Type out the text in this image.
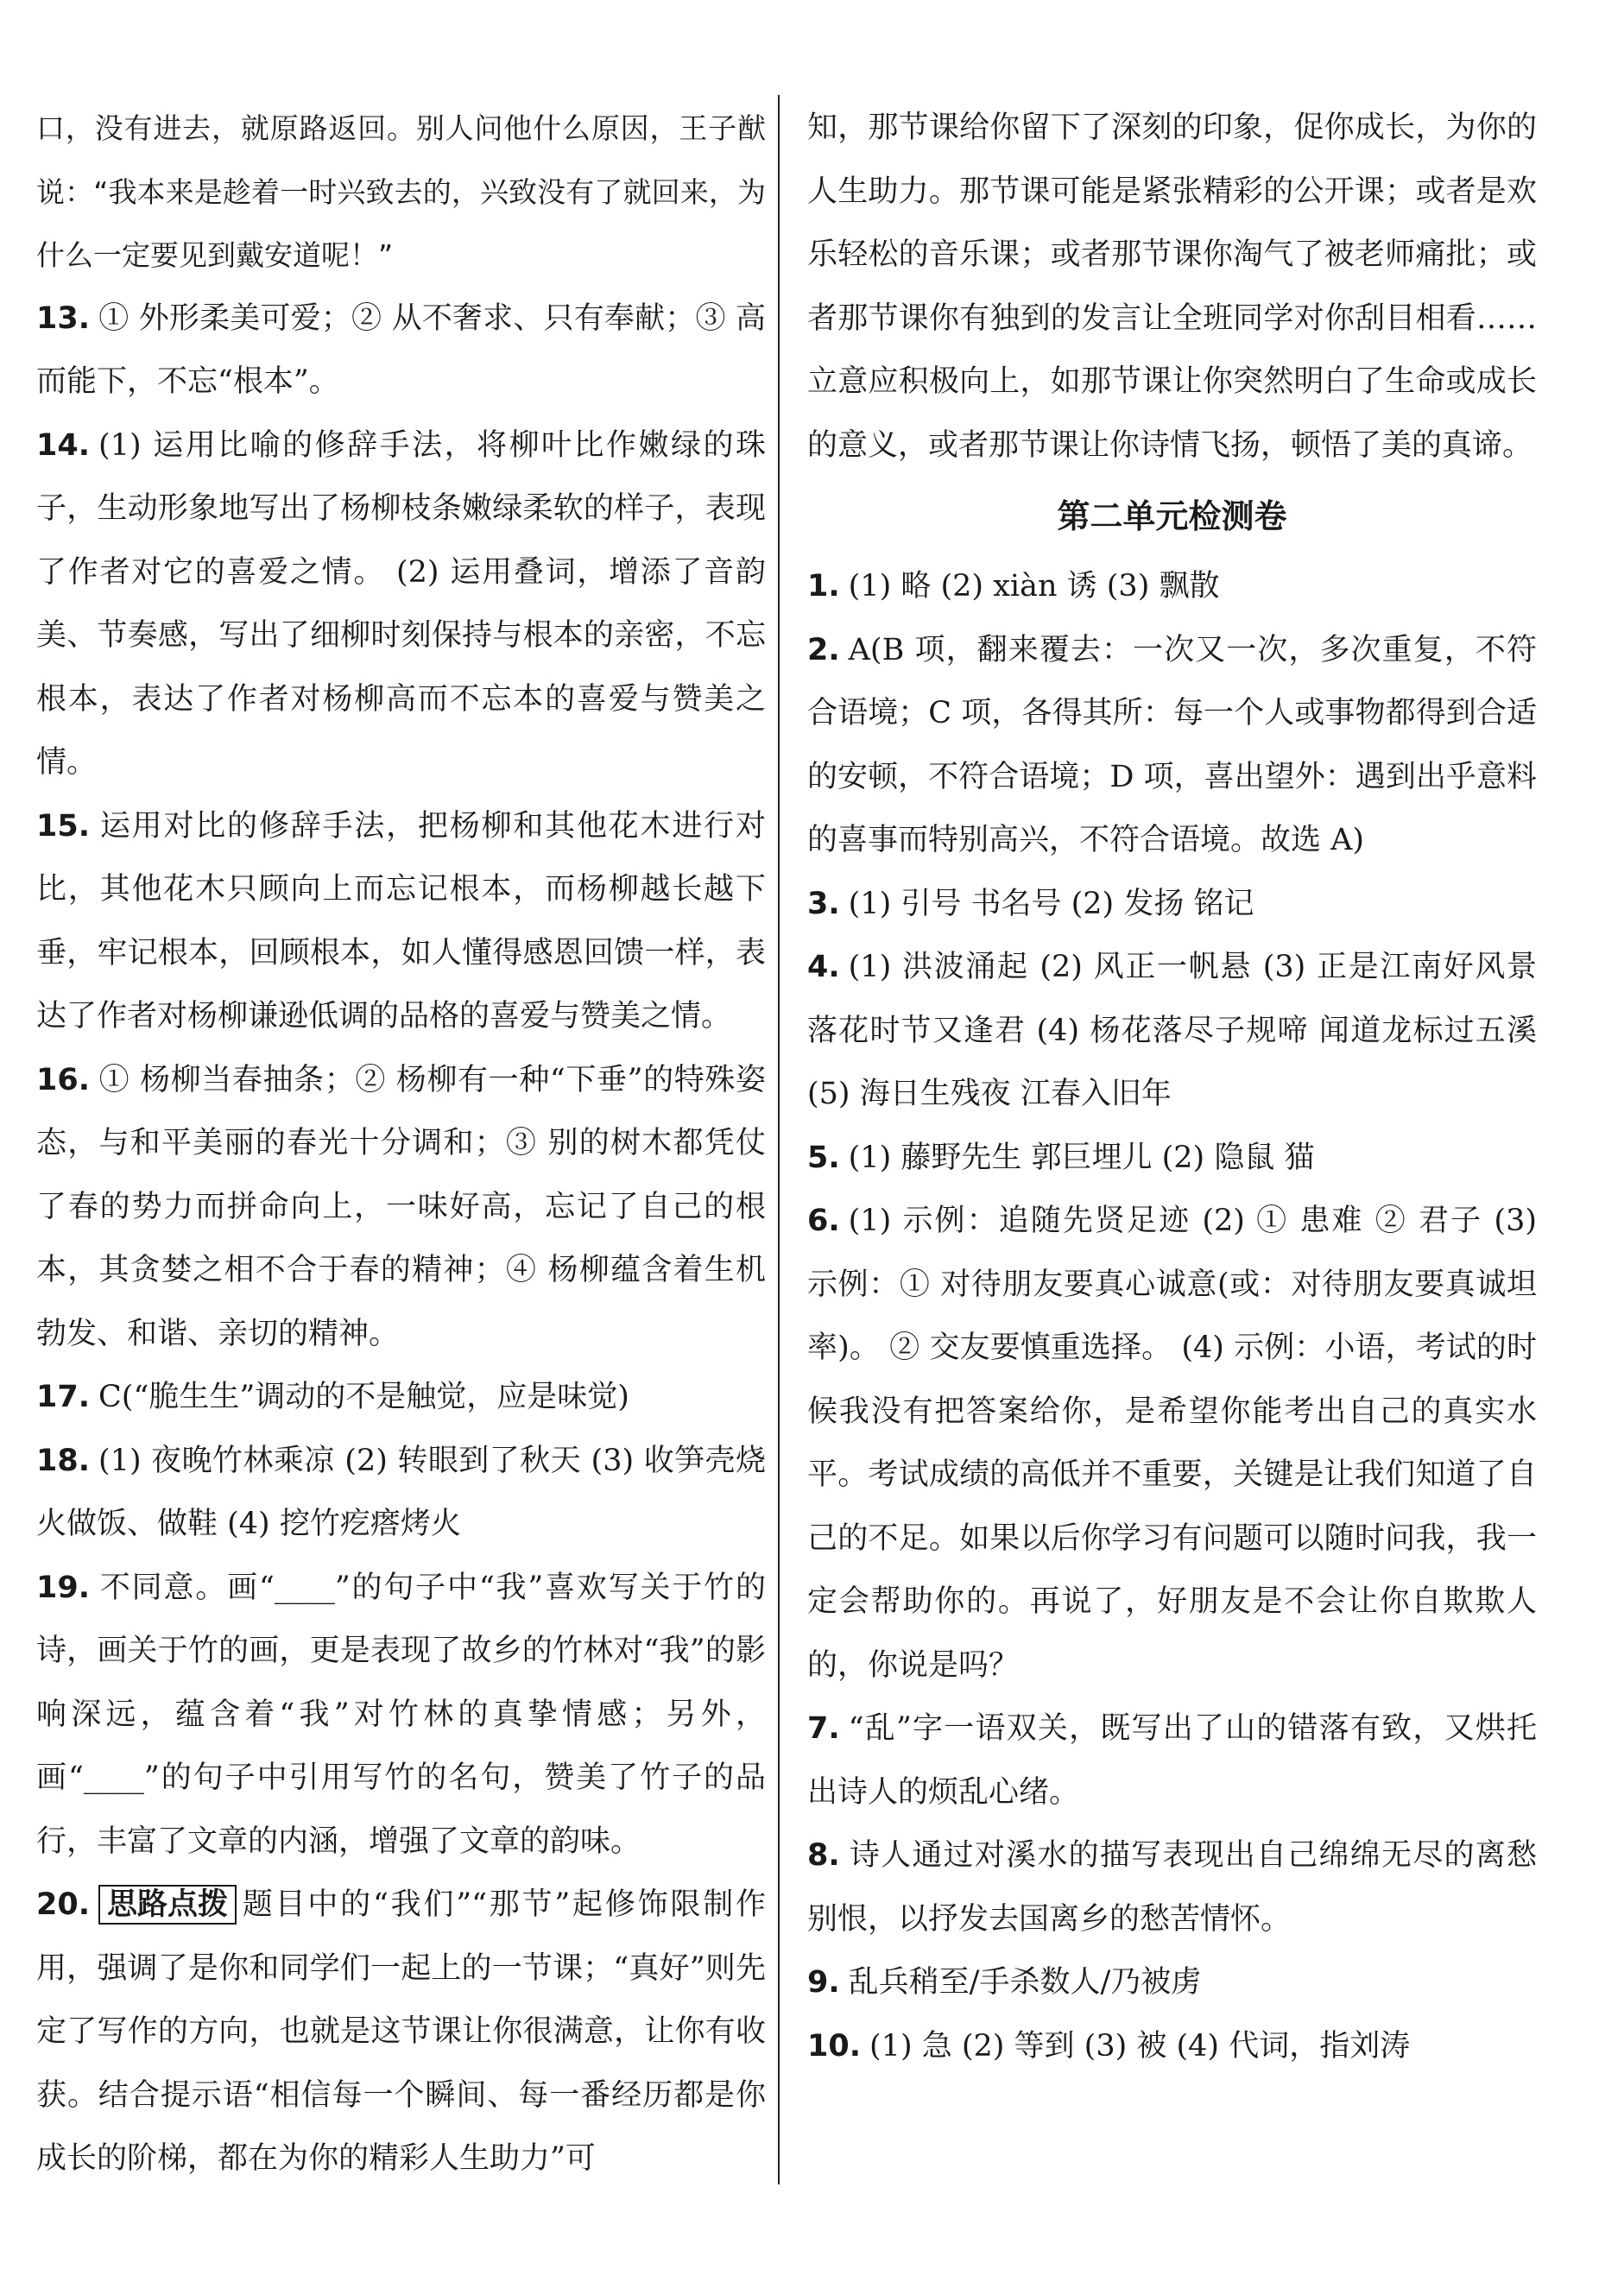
口，没有进去，就原路返回。别人问他什么原因，王子猷说：“我本来是趁着一时兴致去的，兴致没有了就回来，为什么一定要见到戴安道呢！”

13. ① 外形柔美可爱；② 从不奢求、只有奉献；③ 高而能下，不忘“根本”。

14. (1) 运用比喻的修辞手法，将柳叶比作嫩绿的珠子，生动形象地写出了杨柳枝条嫩绿柔软的样子，表现了作者对它的喜爱之情。 (2) 运用叠词，增添了音韵美、节奏感，写出了细柳时刻保持与根本的亲密，不忘根本，表达了作者对杨柳高而不忘本的喜爱与赞美之情。

15. 运用对比的修辞手法，把杨柳和其他花木进行对比，其他花木只顾向上而忘记根本，而杨柳越长越下垂，牢记根本，回顾根本，如人懂得感恩回馈一样，表达了作者对杨柳谦逊低调的品格的喜爱与赞美之情。

16. ① 杨柳当春抽条；② 杨柳有一种“下垂”的特殊姿态，与和平美丽的春光十分调和；③ 别的树木都凭仗了春的势力而拼命向上，一味好高，忘记了自己的根本，其贪婪之相不合于春的精神；④ 杨柳蕴含着生机勃发、和谐、亲切的精神。

17. C(“脆生生”调动的不是触觉，应是味觉)

18. (1) 夜晚竹林乘凉 (2) 转眼到了秋天 (3) 收笋壳烧火做饭、做鞋 (4) 挖竹疙瘩烤火

19. 不同意。画“____”的句子中“我”喜欢写关于竹的诗，画关于竹的画，更是表现了故乡的竹林对“我”的影响深远，蕴含着“我”对竹林的真挚情感；另外，画“____”的句子中引用写竹的名句，赞美了竹子的品行，丰富了文章的内涵，增强了文章的韵味。

20. 思路点拨 题目中的“我们”“那节”起修饰限制作用，强调了是你和同学们一起上的一节课；“真好”则先定了写作的方向，也就是这节课让你很满意，让你有收获。结合提示语“相信每一个瞬间、每一番经历都是你成长的阶梯，都在为你的精彩人生助力”可

知，那节课给你留下了深刻的印象，促你成长，为你的人生助力。那节课可能是紧张精彩的公开课；或者是欢乐轻松的音乐课；或者那节课你淘气了被老师痛批；或者那节课你有独到的发言让全班同学对你刮目相看……立意应积极向上，如那节课让你突然明白了生命或成长的意义，或者那节课让你诗情飞扬，顿悟了美的真谛。

第二单元检测卷

1. (1) 略 (2) xiàn 诱 (3) 飘散

2. A(B 项，翻来覆去：一次又一次，多次重复，不符合语境；C 项，各得其所：每一个人或事物都得到合适的安顿，不符合语境；D 项，喜出望外：遇到出乎意料的喜事而特别高兴，不符合语境。故选 A)

3. (1) 引号 书名号 (2) 发扬 铭记

4. (1) 洪波涌起 (2) 风正一帆悬 (3) 正是江南好风景 落花时节又逢君 (4) 杨花落尽子规啼 闻道龙标过五溪 (5) 海日生残夜 江春入旧年

5. (1) 藤野先生 郭巨埋儿 (2) 隐鼠 猫

6. (1) 示例：追随先贤足迹 (2) ① 患难 ② 君子 (3) 示例：① 对待朋友要真心诚意(或：对待朋友要真诚坦率)。 ② 交友要慎重选择。 (4) 示例：小语，考试的时候我没有把答案给你，是希望你能考出自己的真实水平。考试成绩的高低并不重要，关键是让我们知道了自己的不足。如果以后你学习有问题可以随时问我，我一定会帮助你的。再说了，好朋友是不会让你自欺欺人的，你说是吗？

7. “乱”字一语双关，既写出了山的错落有致，又烘托出诗人的烦乱心绪。

8. 诗人通过对溪水的描写表现出自己绵绵无尽的离愁别恨，以抒发去国离乡的愁苦情怀。

9. 乱兵稍至/手杀数人/乃被虏

10. (1) 急 (2) 等到 (3) 被 (4) 代词，指刘涛
